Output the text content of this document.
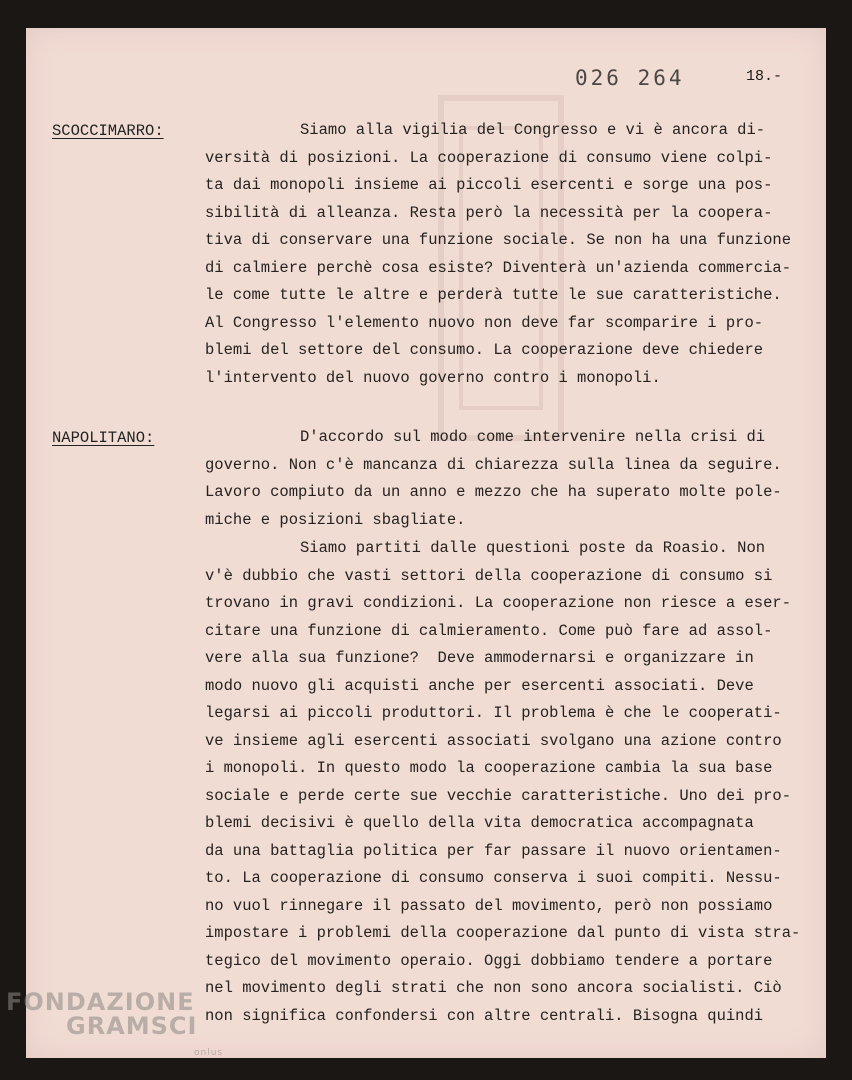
026 264	18.-
SCOCCIMARRO:	Siamo alla vigilia del Congresso e vi è ancora di-
versità di posizioni. La cooperazione di consumo viene colpi-
ta dai monopoli insieme ai piccoli esercenti e sorge una pos-
sibilità di alleanza. Resta però la necessità per la coopera-
tiva di conservare una funzione sociale. Se non ha una funzione
di calmiere perchè cosa esiste? Diventerà un'azienda commercia-
le come tutte le altre e perderà tutte le sue caratteristiche.
Al Congresso l'elemento nuovo non deve far scomparire i pro-
blemi del settore del consumo. La cooperazione deve chiedere
l'intervento del nuovo governo contro i monopoli.
NAPOLITANO:	D'accordo sul modo come intervenire nella crisi di
governo. Non c'è mancanza di chiarezza sulla linea da seguire.
Lavoro compiuto da un anno e mezzo che ha superato molte pole-
miche e posizioni sbagliate.
Siamo partiti dalle questioni poste da Roasio. Non
v'è dubbio che vasti settori della cooperazione di consumo si
trovano in gravi condizioni. La cooperazione non riesce a eser-
citare una funzione di calmieramento. Come può fare ad assol-
vere alla sua funzione?  Deve ammodernarsi e organizzare in
modo nuovo gli acquisti anche per esercenti associati. Deve
legarsi ai piccoli produttori. Il problema è che le cooperati-
ve insieme agli esercenti associati svolgano una azione contro
i monopoli. In questo modo la cooperazione cambia la sua base
sociale e perde certe sue vecchie caratteristiche. Uno dei pro-
blemi decisivi è quello della vita democratica accompagnata
da una battaglia politica per far passare il nuovo orientamen-
to. La cooperazione di consumo conserva i suoi compiti. Nessu-
no vuol rinnegare il passato del movimento, però non possiamo
impostare i problemi della cooperazione dal punto di vista stra-
tegico del movimento operaio. Oggi dobbiamo tendere a portare
nel movimento degli strati che non sono ancora socialisti. Ciò
non significa confondersi con altre centrali. Bisogna quindi
FONDAZIONE
GRAMSCI
onlus
